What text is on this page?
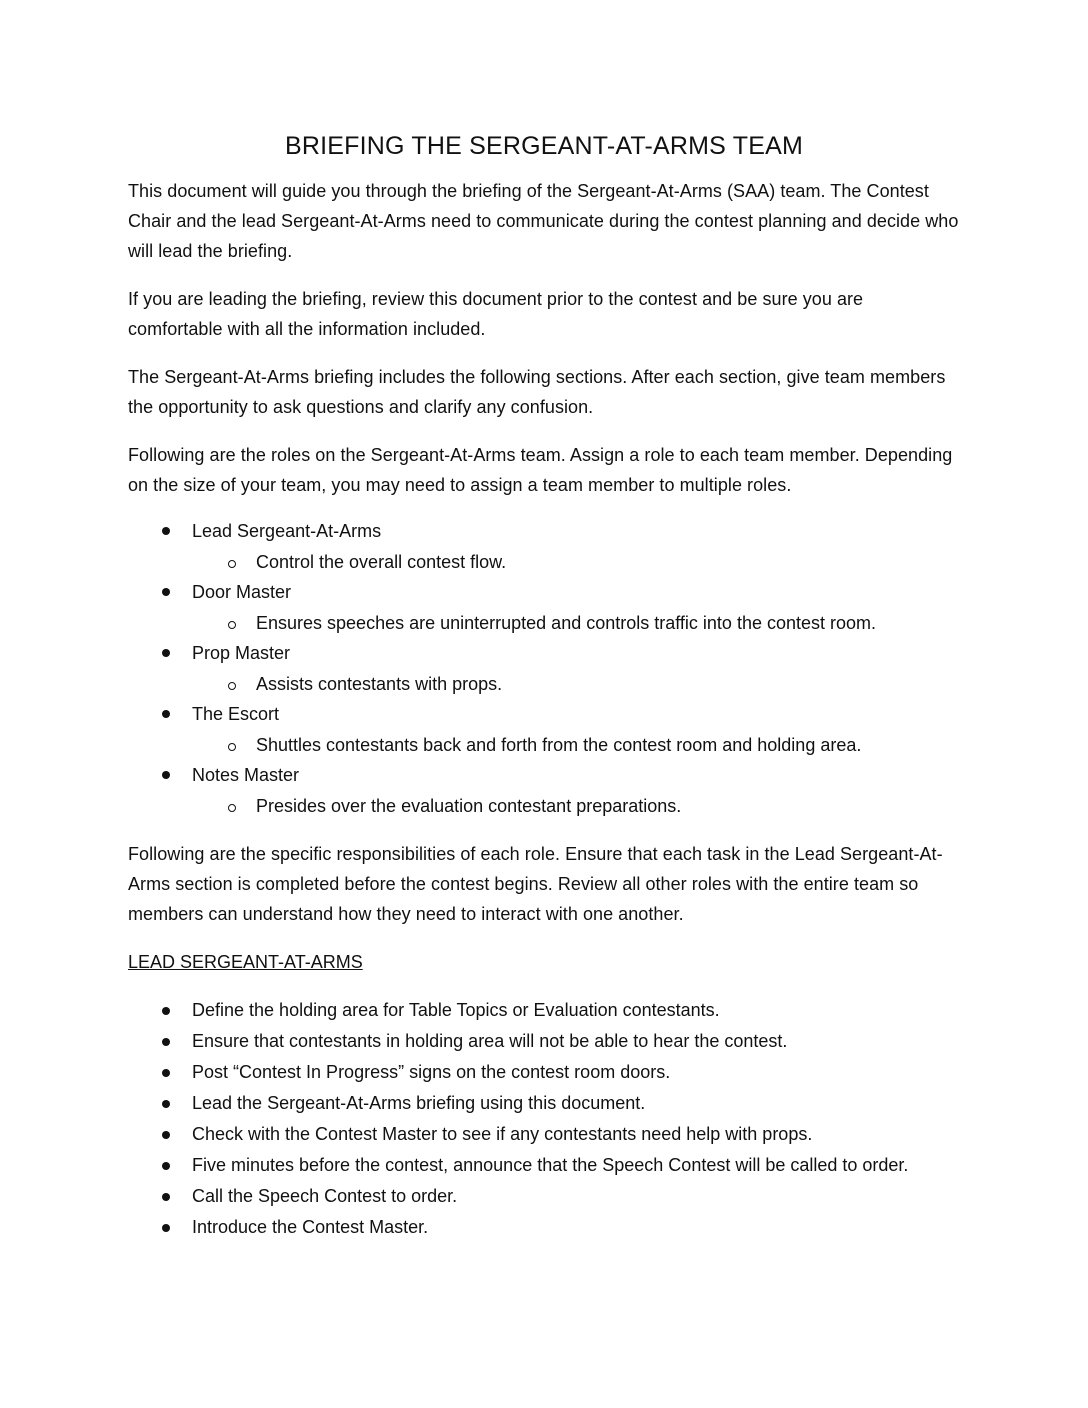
BRIEFING THE SERGEANT-AT-ARMS TEAM

This document will guide you through the briefing of the Sergeant-At-Arms (SAA) team. The Contest Chair and the lead Sergeant-At-Arms need to communicate during the contest planning and decide who will lead the briefing.

If you are leading the briefing, review this document prior to the contest and be sure you are comfortable with all the information included.

The Sergeant-At-Arms briefing includes the following sections. After each section, give team members the opportunity to ask questions and clarify any confusion.

Following are the roles on the Sergeant-At-Arms team. Assign a role to each team member. Depending on the size of your team, you may need to assign a team member to multiple roles.

Lead Sergeant-At-Arms
Control the overall contest flow.
Door Master
Ensures speeches are uninterrupted and controls traffic into the contest room.
Prop Master
Assists contestants with props.
The Escort
Shuttles contestants back and forth from the contest room and holding area.
Notes Master
Presides over the evaluation contestant preparations.

Following are the specific responsibilities of each role. Ensure that each task in the Lead Sergeant-At-Arms section is completed before the contest begins. Review all other roles with the entire team so members can understand how they need to interact with one another.

LEAD SERGEANT-AT-ARMS
Define the holding area for Table Topics or Evaluation contestants.
Ensure that contestants in holding area will not be able to hear the contest.
Post “Contest In Progress” signs on the contest room doors.
Lead the Sergeant-At-Arms briefing using this document.
Check with the Contest Master to see if any contestants need help with props.
Five minutes before the contest, announce that the Speech Contest will be called to order.
Call the Speech Contest to order.
Introduce the Contest Master.
